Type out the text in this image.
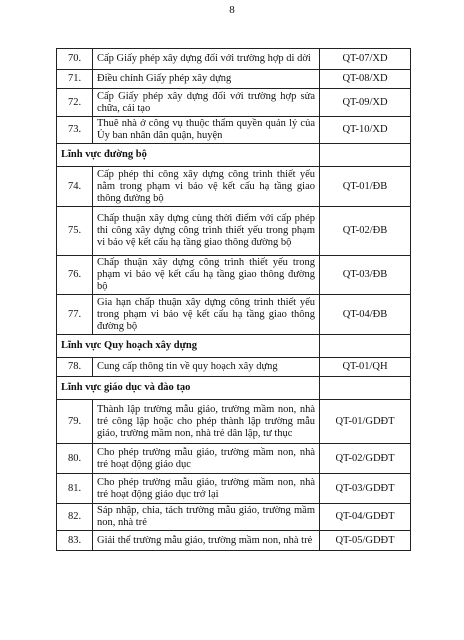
8
70.	Cấp Giấy phép xây dựng đối với trường hợp di dời	QT-07/XD
71.	Điều chỉnh Giấy phép xây dựng	QT-08/XD
72.	Cấp Giấy phép xây dựng đối với trường hợp sửa chữa, cải tạo	QT-09/XD
73.	Thuê nhà ở công vụ thuộc thẩm quyền quản lý của Ủy ban nhân dân quận, huyện	QT-10/XD
Lĩnh vực đường bộ		
74.	Cấp phép thi công xây dựng công trình thiết yếu nằm trong phạm vi bảo vệ kết cấu hạ tầng giao thông đường bộ	QT-01/ĐB
75.	Chấp thuận xây dựng cùng thời điểm với cấp phép thi công xây dựng công trình thiết yếu trong phạm vi bảo vệ kết cấu hạ tầng giao thông đường bộ	QT-02/ĐB
76.	Chấp thuận xây dựng công trình thiết yếu trong phạm vi bảo vệ kết cấu hạ tầng giao thông đường bộ	QT-03/ĐB
77.	Gia hạn chấp thuận xây dựng công trình thiết yếu trong phạm vi bảo vệ kết cấu hạ tầng giao thông đường bộ	QT-04/ĐB
Lĩnh vực Quy hoạch xây dựng		
78.	Cung cấp thông tin về quy hoạch xây dựng	QT-01/QH
Lĩnh vực giáo dục và đào tạo		
79.	Thành lập trường mẫu giáo, trường mầm non, nhà trẻ công lập hoặc cho phép thành lập trường mẫu giáo, trường mầm non, nhà trẻ dân lập, tư thục	QT-01/GDĐT
80.	Cho phép trường mẫu giáo, trường mầm non, nhà trẻ hoạt động giáo dục	QT-02/GDĐT
81.	Cho phép trường mẫu giáo, trường mầm non, nhà trẻ hoạt động giáo dục trở lại	QT-03/GDĐT
82.	Sáp nhập, chia, tách trường mẫu giáo, trường mầm non, nhà trẻ	QT-04/GDĐT
83.	Giải thể trường mẫu giáo, trường mầm non, nhà trẻ	QT-05/GDĐT
